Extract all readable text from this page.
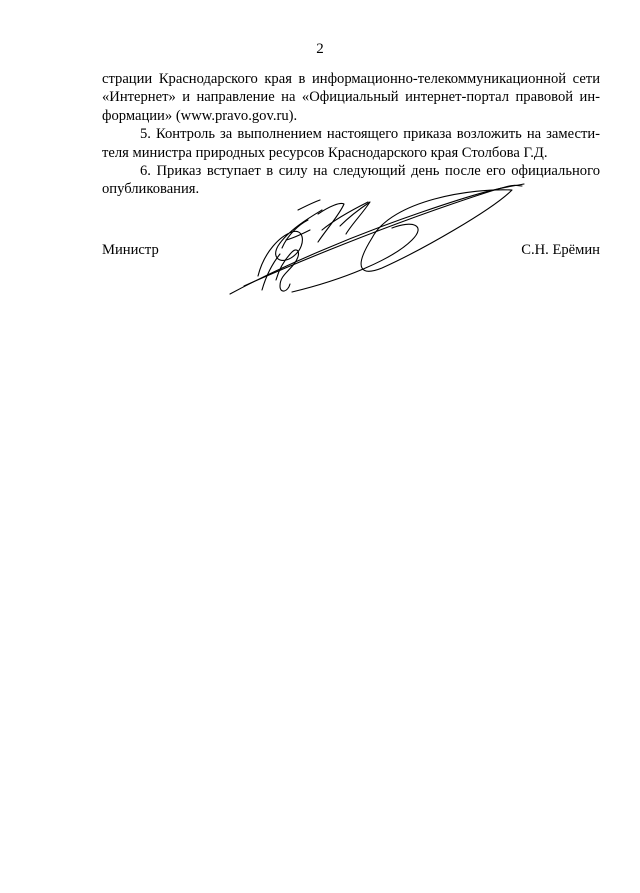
2

страции Краснодарского края в информационно-телекоммуникационной сети
«Интернет» и направление на «Официальный интернет-портал правовой ин-
формации» (www.pravo.gov.ru).

5. Контроль за выполнением настоящего приказа возложить на замести-
теля министра природных ресурсов Краснодарского края Столбова Г.Д.

6. Приказ вступает в силу на следующий день после его официального
опубликования.

Министр	С.Н. Ерёмин
